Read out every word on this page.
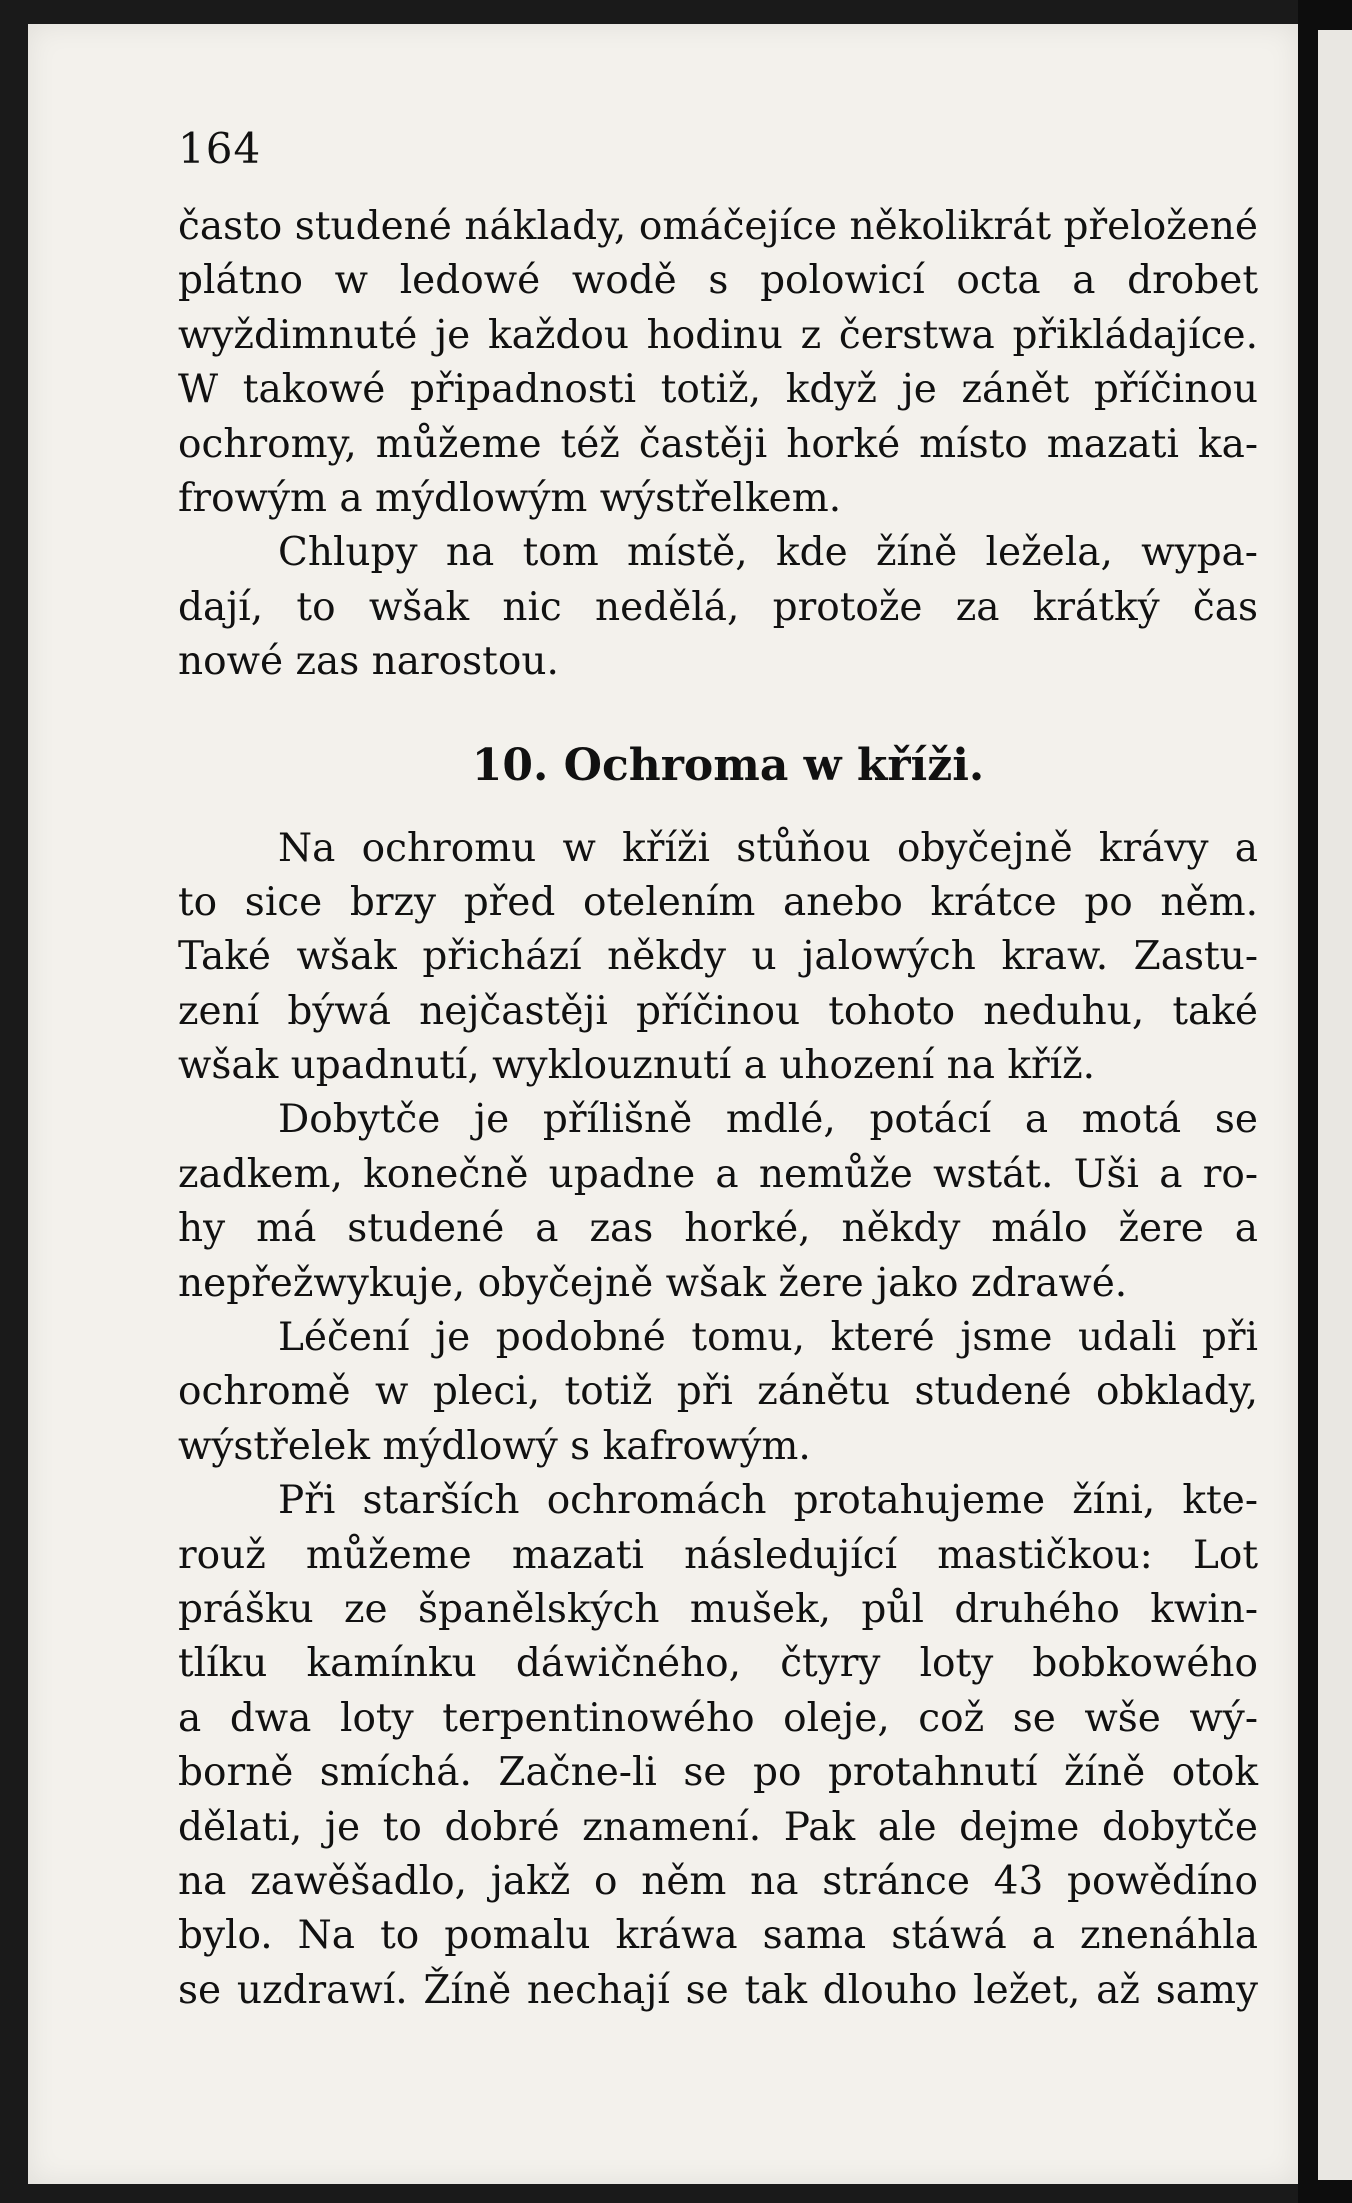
164
často studené náklady, omáčejíce několikrát přeložené
plátno w ledowé wodě s polowicí octa a drobet
wyždimnuté je každou hodinu z čerstwa přikládajíce.
W takowé připadnosti totiž, když je zánět příčinou
ochromy, můžeme též častěji horké místo mazati ka-
frowým a mýdlowým wýstřelkem.
Chlupy na tom místě, kde žíně ležela, wypa-
dají, to wšak nic nedělá, protože za krátký čas
nowé zas narostou.
10. Ochroma w kříži.
Na ochromu w kříži stůňou obyčejně krávy a
to sice brzy před otelením anebo krátce po něm.
Také wšak přichází někdy u jalowých kraw. Zastu-
zení býwá nejčastěji příčinou tohoto neduhu, také
wšak upadnutí, wyklouznutí a uhození na kříž.
Dobytče je přílišně mdlé, potácí a motá se
zadkem, konečně upadne a nemůže wstát. Uši a ro-
hy má studené a zas horké, někdy málo žere a
nepřežwykuje, obyčejně wšak žere jako zdrawé.
Léčení je podobné tomu, které jsme udali při
ochromě w pleci, totiž při zánětu studené obklady,
wýstřelek mýdlowý s kafrowým.
Při starších ochromách protahujeme žíni, kte-
rouž můžeme mazati následující mastičkou: Lot
prášku ze španělských mušek, půl druhého kwin-
tlíku kamínku dáwičného, čtyry loty bobkowého
a dwa loty terpentinowého oleje, což se wše wý-
borně smíchá. Začne-li se po protahnutí žíně otok
dělati, je to dobré znamení. Pak ale dejme dobytče
na zawěšadlo, jakž o něm na stránce 43 powědíno
bylo. Na to pomalu kráwa sama stáwá a znenáhla
se uzdrawí. Žíně nechají se tak dlouho ležet, až samy
